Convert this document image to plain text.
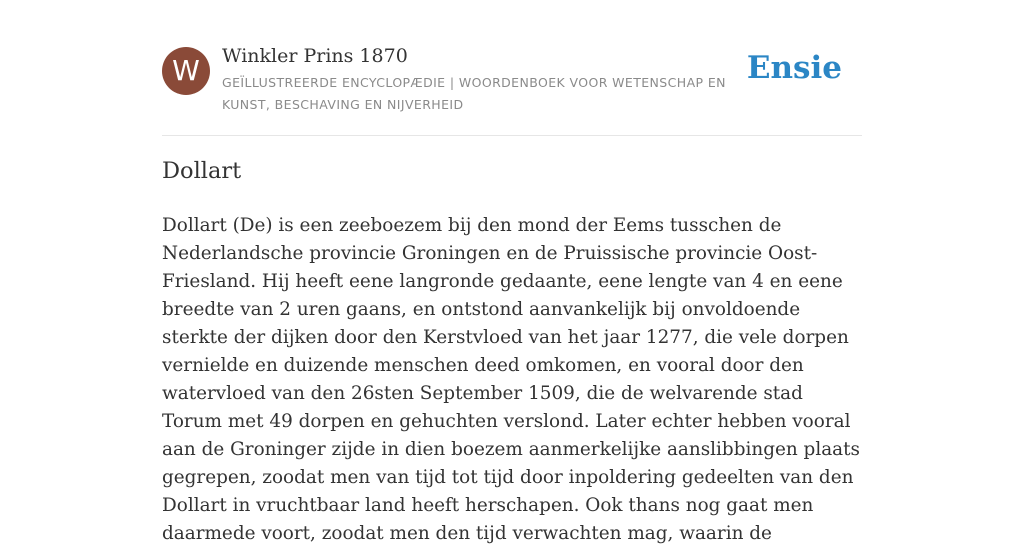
W	Winkler Prins 1870
GEÏLLUSTREERDE ENCYCLOPÆDIE | WOORDENBOEK VOOR WETENSCHAP EN KUNST, BESCHAVING EN NIJVERHEID
Ensie
Dollart

Dollart (De) is een zeeboezem bij den mond der Eems tusschen de Nederlandsche provincie Groningen en de Pruissische provincie Oost-Friesland. Hij heeft eene langronde gedaante, eene lengte van 4 en eene breedte van 2 uren gaans, en ontstond aanvankelijk bij onvoldoende sterkte der dijken door den Kerstvloed van het jaar 1277, die vele dorpen vernielde en duizende menschen deed omkomen, en vooral door den watervloed van den 26sten September 1509, die de welvarende stad Torum met 49 dorpen en gehuchten verslond. Later echter hebben vooral aan de Groninger zijde in dien boezem aanmerkelijke aanslibbingen plaats gegrepen, zoodat men van tijd tot tijd door inpoldering gedeelten van den Dollart in vruchtbaar land heeft herschapen. Ook thans nog gaat men daarmede voort, zoodat men den tijd verwachten mag, waarin de
